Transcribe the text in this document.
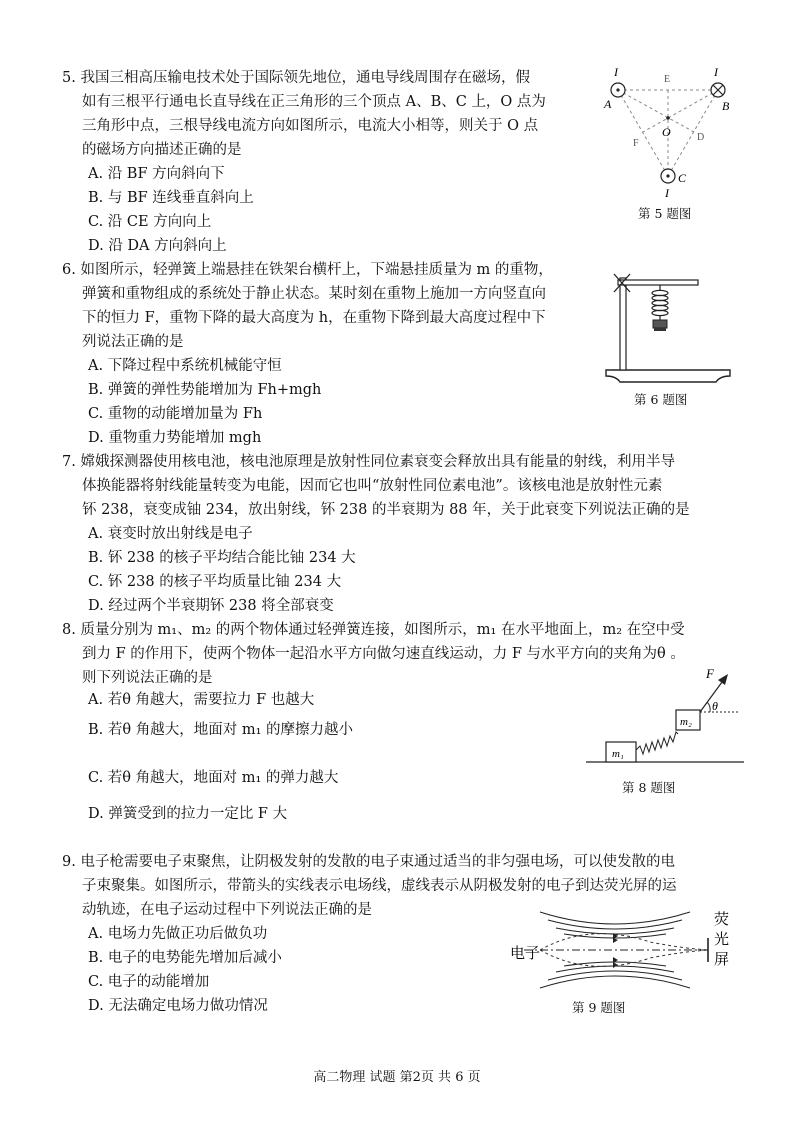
5. 我国三相高压输电技术处于国际领先地位，通电导线周围存在磁场，假
如有三根平行通电长直导线在正三角形的三个顶点 A、B、C 上，O 点为
三角形中点，三根导线电流方向如图所示，电流大小相等，则关于 O 点
的磁场方向描述正确的是
A. 沿 BF 方向斜向下
B. 与 BF 连线垂直斜向上
C. 沿 CE 方向向上
D. 沿 DA 方向斜向上
I	I
I
A	B
C
O
E
F
D
第 5 题图
6. 如图所示，轻弹簧上端悬挂在铁架台横杆上，下端悬挂质量为 m 的重物，
弹簧和重物组成的系统处于静止状态。某时刻在重物上施加一方向竖直向
下的恒力 F，重物下降的最大高度为 h，在重物下降到最大高度过程中下
列说法正确的是
A. 下降过程中系统机械能守恒
B. 弹簧的弹性势能增加为 Fh+mgh
C. 重物的动能增加量为 Fh
D. 重物重力势能增加 mgh
第 6 题图
7. 嫦娥探测器使用核电池，核电池原理是放射性同位素衰变会释放出具有能量的射线，利用半导
体换能器将射线能量转变为电能，因而它也叫“放射性同位素电池”。该核电池是放射性元素
钚 238，衰变成铀 234，放出射线，钚 238 的半衰期为 88 年，关于此衰变下列说法正确的是
A. 衰变时放出射线是电子
B. 钚 238 的核子平均结合能比铀 234 大
C. 钚 238 的核子平均质量比铀 234 大
D. 经过两个半衰期钚 238 将全部衰变
8. 质量分别为 m₁、m₂ 的两个物体通过轻弹簧连接，如图所示，m₁ 在水平地面上，m₂ 在空中受
到力 F 的作用下，使两个物体一起沿水平方向做匀速直线运动，力 F 与水平方向的夹角为θ 。
则下列说法正确的是
A. 若θ 角越大，需要拉力 F 也越大
B. 若θ 角越大，地面对 m₁ 的摩擦力越小
C. 若θ 角越大，地面对 m₁ 的弹力越大
D. 弹簧受到的拉力一定比 F 大
F
θ
m₁
m₂
第 8 题图
9. 电子枪需要电子束聚焦，让阴极发射的发散的电子束通过适当的非匀强电场，可以使发散的电
子束聚集。如图所示，带箭头的实线表示电场线，虚线表示从阴极发射的电子到达荧光屏的运
动轨迹，在电子运动过程中下列说法正确的是
A. 电场力先做正功后做负功
B. 电子的电势能先增加后减小
C. 电子的动能增加
D. 无法确定电场力做功情况
电子
荧
光
屏
第 9 题图
高二物理 试题 第2页 共 6 页
